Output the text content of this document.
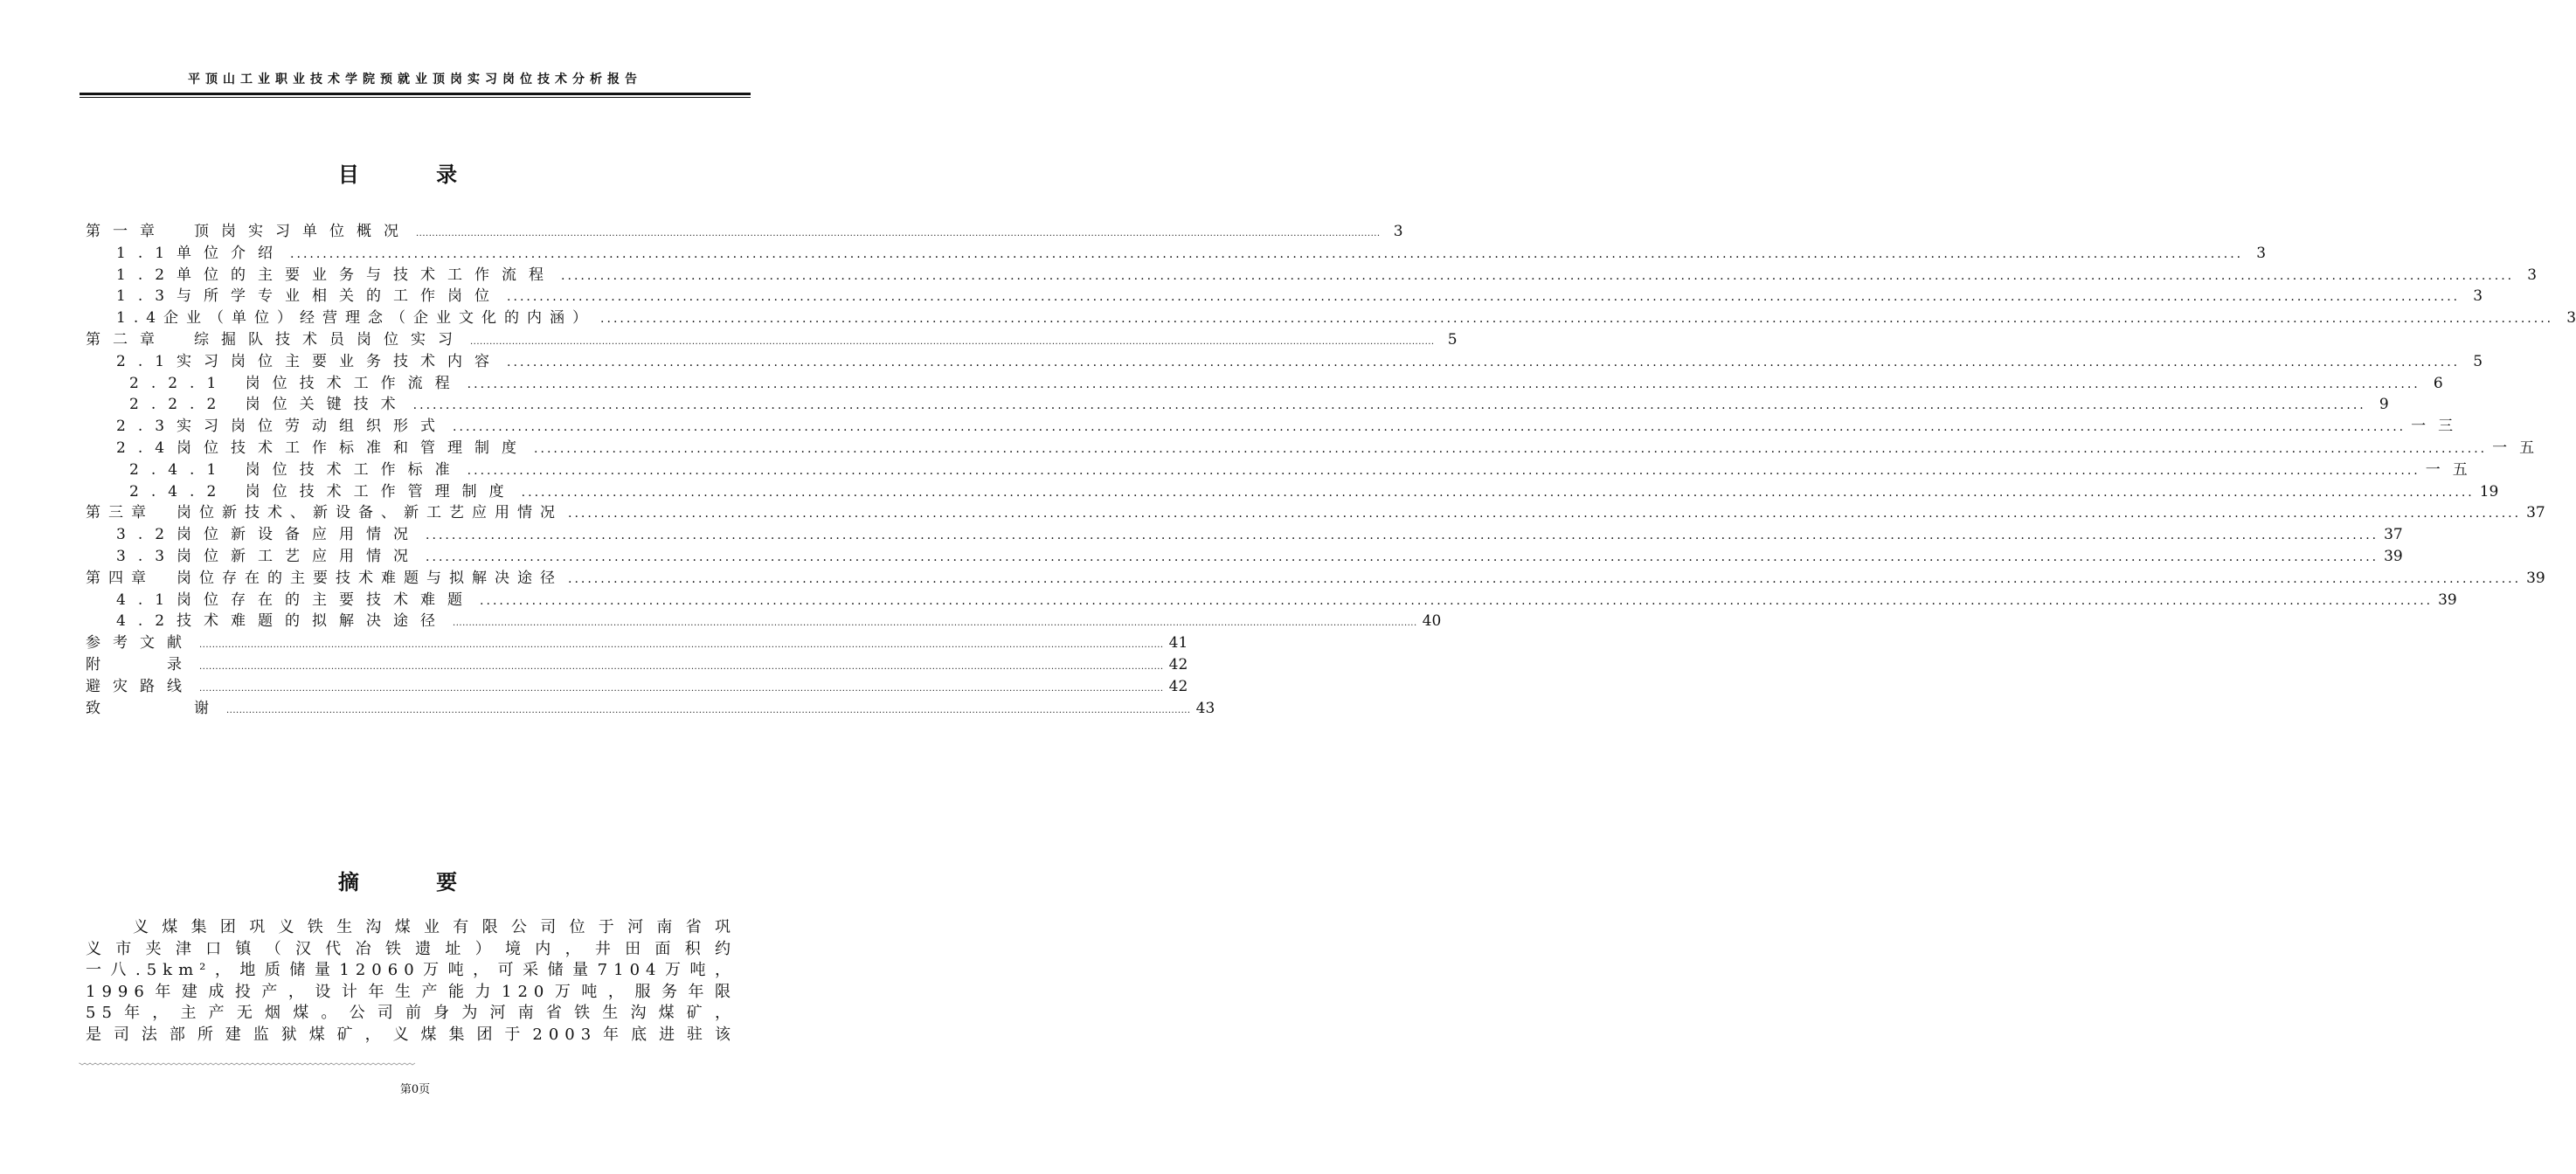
平顶山工业职业技术学院预就业顶岗实习岗位技术分析报告
目 录
第一章　顶岗实习单位概况 ............................................................................................................................................................................................................................................................................................................ 3
1.1单位介绍 ............................................................................................................................................................................................................................................................................................................ 3
1.2单位的主要业务与技术工作流程 ............................................................................................................................................................................................................................................................................................................ 3
1.3与所学专业相关的工作岗位 ............................................................................................................................................................................................................................................................................................................ 3
1.4企业（单位）经营理念（企业文化的内涵） ............................................................................................................................................................................................................................................................................................................ 3
第二章　综掘队技术员岗位实习 ............................................................................................................................................................................................................................................................................................................ 5
2.1实习岗位主要业务技术内容 ............................................................................................................................................................................................................................................................................................................ 5
2.2.1 岗位技术工作流程 ............................................................................................................................................................................................................................................................................................................ 6
2.2.2 岗位关键技术 ............................................................................................................................................................................................................................................................................................................ 9
2.3实习岗位劳动组织形式 ............................................................................................................................................................................................................................................................................................................ 一三
2.4岗位技术工作标准和管理制度 ............................................................................................................................................................................................................................................................................................................ 一五
2.4.1 岗位技术工作标准 ............................................................................................................................................................................................................................................................................................................ 一五
2.4.2 岗位技术工作管理制度 ............................................................................................................................................................................................................................................................................................................ 19
第三章　岗位新技术、新设备、新工艺应用情况 ............................................................................................................................................................................................................................................................................................................ 37
3.2岗位新设备应用情况 ............................................................................................................................................................................................................................................................................................................ 37
3.3岗位新工艺应用情况 ............................................................................................................................................................................................................................................................................................................ 39
第四章　岗位存在的主要技术难题与拟解决途径 ............................................................................................................................................................................................................................................................................................................ 39
4.1岗位存在的主要技术难题 ............................................................................................................................................................................................................................................................................................................ 39
4.2技术难题的拟解决途径 ............................................................................................................................................................................................................................................................................................................ 40
参考文献 ............................................................................................................................................................................................................................................................................................................ 41
附　　录 ............................................................................................................................................................................................................................................................................................................ 42
避灾路线 ............................................................................................................................................................................................................................................................................................................ 42
致　　　谢 ............................................................................................................................................................................................................................................................................................................ 43
摘 要

义煤集团巩义铁生沟煤业有限公司位于河南省巩

义市夹津口镇（汉代冶铁遗址）境内，井田面积约

一八.5km²，地质储量12060万吨，可采储量7104万吨，

1996年建成投产，设计年生产能力120万吨，服务年限

55年，主产无烟煤。公司前身为河南省铁生沟煤矿，

是司法部所建监狱煤矿，义煤集团于2003年底进驻该

第0页
